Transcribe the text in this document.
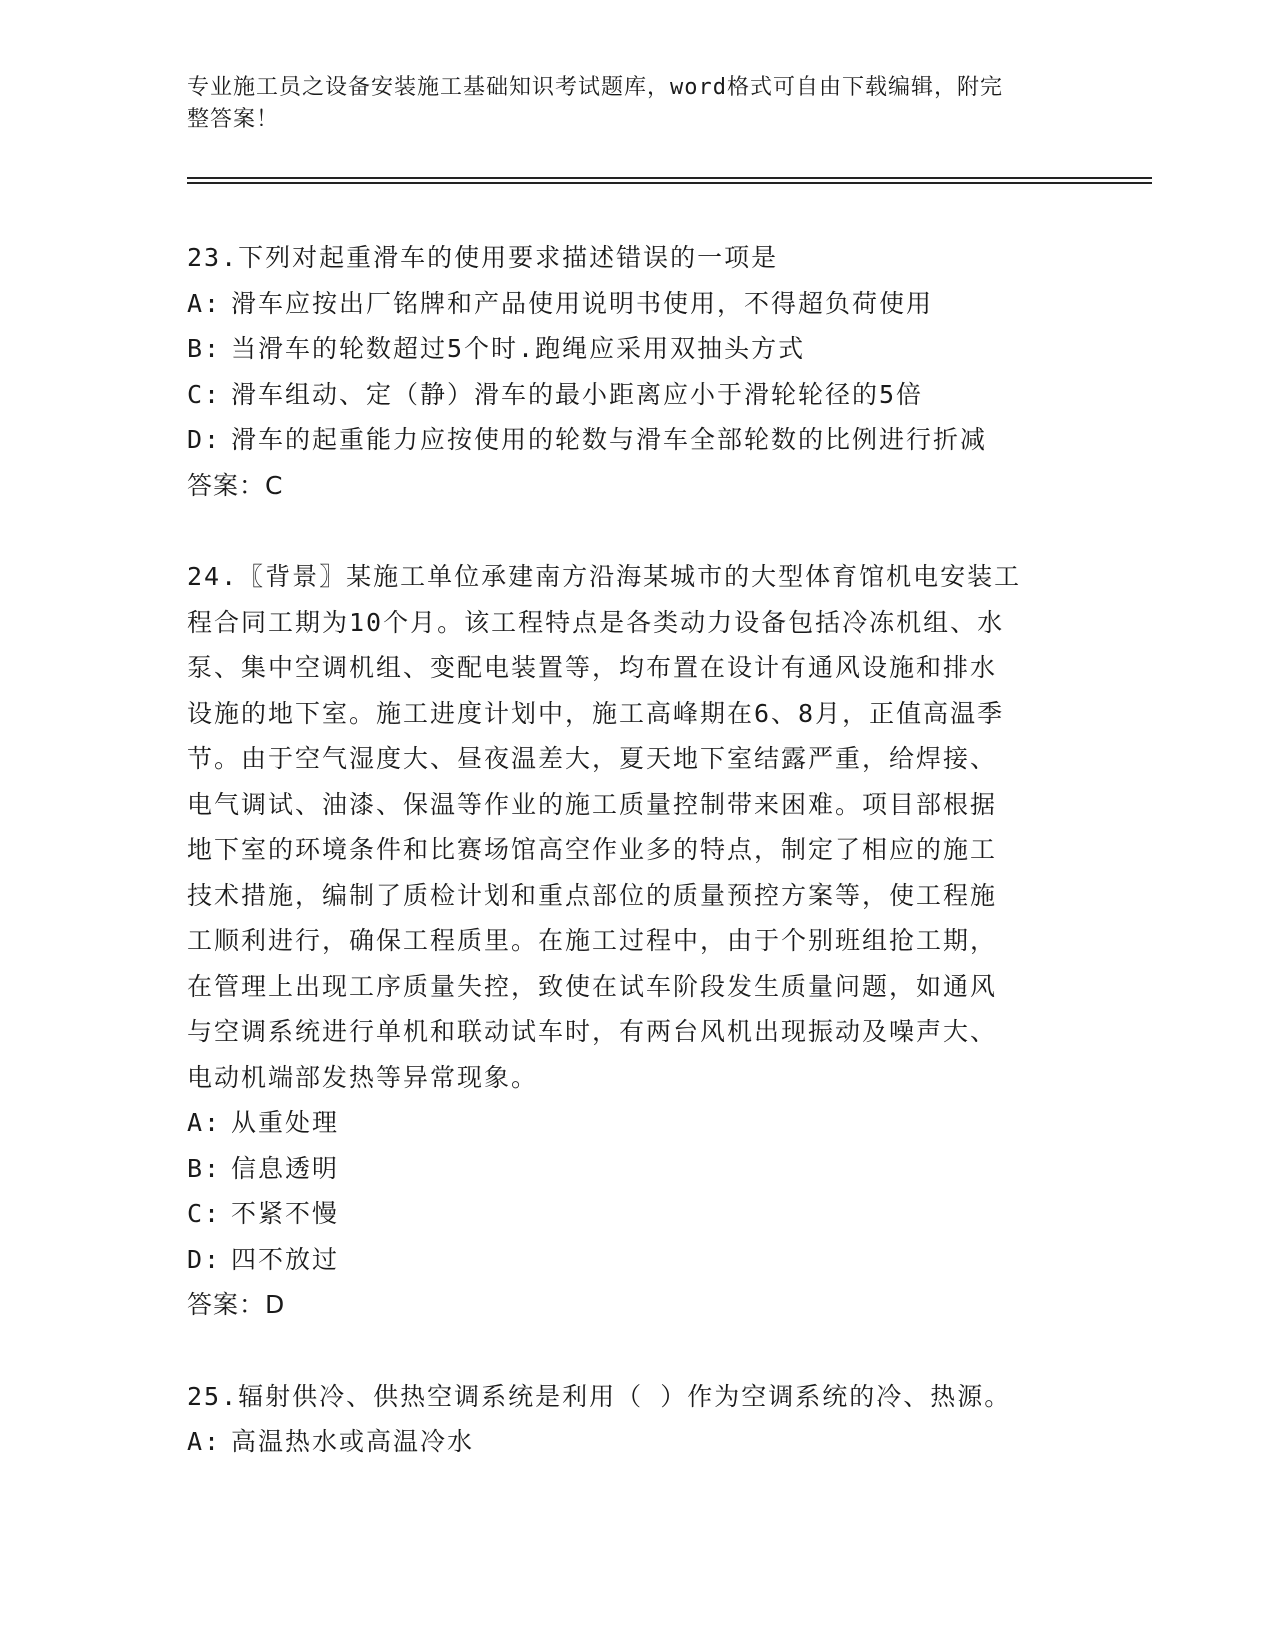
专业施工员之设备安装施工基础知识考试题库，word格式可自由下载编辑，附完
整答案！

23.下列对起重滑车的使用要求描述错误的一项是

A: 滑车应按出厂铭牌和产品使用说明书使用，不得超负荷使用

B: 当滑车的轮数超过5个时.跑绳应采用双抽头方式

C: 滑车组动、定（静）滑车的最小距离应小于滑轮轮径的5倍

D: 滑车的起重能力应按使用的轮数与滑车全部轮数的比例进行折减

答案：C

24.〖背景〗某施工单位承建南方沿海某城市的大型体育馆机电安装工

程合同工期为10个月。该工程特点是各类动力设备包括冷冻机组、水

泵、集中空调机组、变配电装置等，均布置在设计有通风设施和排水

设施的地下室。施工进度计划中，施工高峰期在6、8月，正值高温季

节。由于空气湿度大、昼夜温差大，夏天地下室结露严重，给焊接、

电气调试、油漆、保温等作业的施工质量控制带来困难。项目部根据

地下室的环境条件和比赛场馆高空作业多的特点，制定了相应的施工

技术措施，编制了质检计划和重点部位的质量预控方案等，使工程施

工顺利进行，确保工程质里。在施工过程中，由于个别班组抢工期，

在管理上出现工序质量失控，致使在试车阶段发生质量问题，如通风

与空调系统进行单机和联动试车时，有两台风机出现振动及噪声大、

电动机端部发热等异常现象。

A: 从重处理

B: 信息透明

C: 不紧不慢

D: 四不放过

答案：D

25.辐射供冷、供热空调系统是利用（ ）作为空调系统的冷、热源。

A: 高温热水或高温冷水
